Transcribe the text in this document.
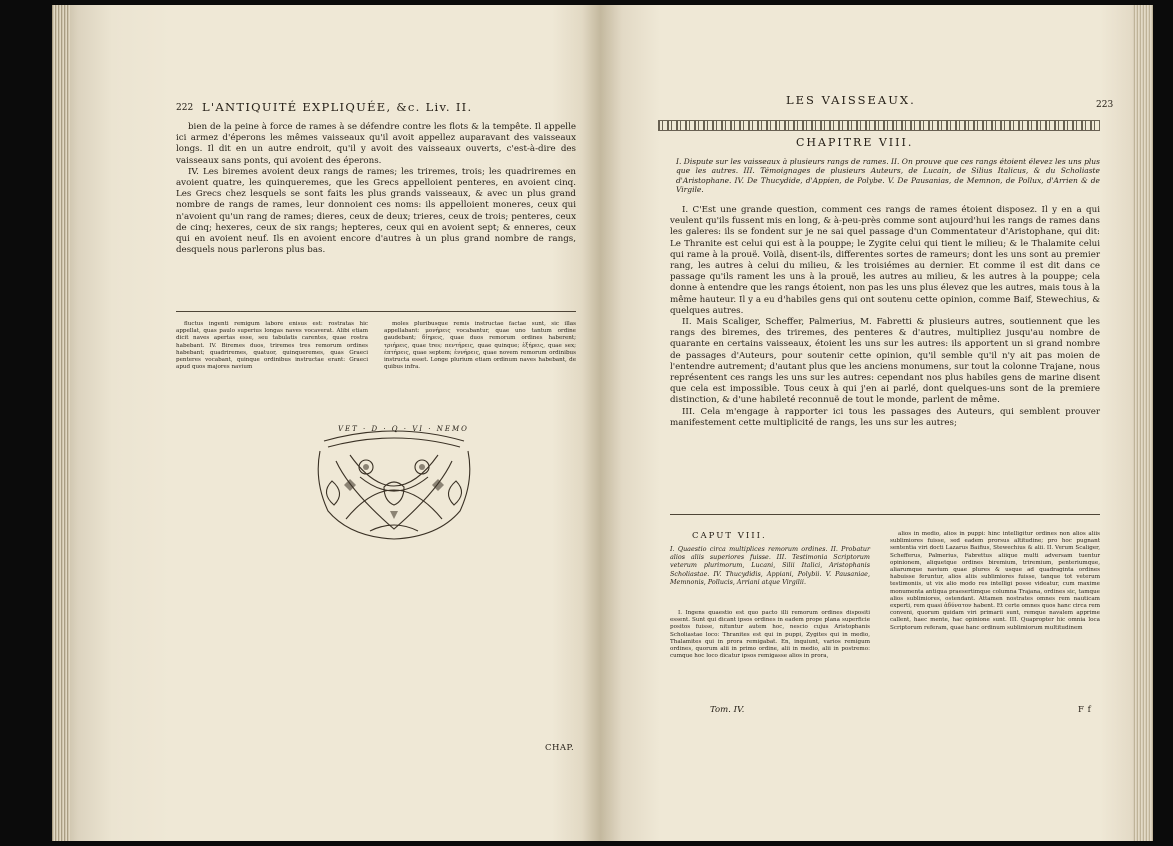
222 L'ANTIQUITÉ EXPLIQUÉE, &c. Liv. II.

bien de la peine à force de rames à se défendre contre les flots & la tempête. Il appelle ici armez d'éperons les mêmes vaisseaux qu'il avoit appellez auparavant des vaisseaux longs. Il dit en un autre endroit, qu'il y avoit des vaisseaux ouverts, c'est-à-dire des vaisseaux sans ponts, qui avoient des éperons.

IV. Les biremes avoient deux rangs de rames; les triremes, trois; les quadriremes en avoient quatre, les quinqueremes, que les Grecs appelloient penteres, en avoient cinq. Les Grecs chez lesquels se sont faits les plus grands vaisseaux, & avec un plus grand nombre de rangs de rames, leur donnoient ces noms: ils appelloient moneres, ceux qui n'avoient qu'un rang de rames; dieres, ceux de deux; trieres, ceux de trois; penteres, ceux de cinq; hexeres, ceux de six rangs; hepteres, ceux qui en avoient sept; & enneres, ceux qui en avoient neuf. Ils en avoient encore d'autres à un plus grand nombre de rangs, desquels nous parlerons plus bas.

fluctus ingenti remigum labore enisus est: rostratas hic appellat, quas paulo superius longas naves vocaverat. Alibi etiam dicit naves apertas esse, seu tabulatis carentes, quae rostra habebant. IV. Biremes duos, triremes tres remorum ordines habebant; quadriremes, quatuor, quinqueremes, quas Graeci penteres vocabant, quinque ordinibus instructae erant: Graeci apud quos majores navium

moles pluribusque remis instructae factae sunt, sic illas appellabant: μονήρεις vocabantur, quae uno tantum ordine gaudebant; δίηρεις, quae duos remorum ordines haberent; τριήρεις, quae tres; πεντήρεις, quae quinque; ἑξήρεις, quae sex; ἑπτήρεις, quae septem; ἐννήρεις, quae novem remorum ordinibus instructa esset. Longe plurium etiam ordinum naves habebant, de quibus infra.

VET · D · Q · VI · NEMO
CHAP.
LES VAISSEAUX.	223
CHAPITRE VIII.
I. Dispute sur les vaisseaux à plusieurs rangs de rames. II. On prouve que ces rangs étoient élevez les uns plus que les autres. III. Témoignages de plusieurs Auteurs, de Lucain, de Silius Italicus, & du Scholiaste d'Aristophane. IV. De Thucydide, d'Appien, de Polybe. V. De Pausanias, de Memnon, de Pollux, d'Arrien & de Virgile.

I. C'Est une grande question, comment ces rangs de rames étoient disposez. Il y en a qui veulent qu'ils fussent mis en long, & à-peu-près comme sont aujourd'hui les rangs de rames dans les galeres: ils se fondent sur je ne sai quel passage d'un Commentateur d'Aristophane, qui dit: Le Thranite est celui qui est à la pouppe; le Zygite celui qui tient le milieu; & le Thalamite celui qui rame à la prouë. Voilà, disent-ils, differentes sortes de rameurs; dont les uns sont au premier rang, les autres à celui du milieu, & les troisiémes au dernier. Et comme il est dit dans ce passage qu'ils rament les uns à la prouë, les autres au milieu, & les autres à la pouppe; cela donne à entendre que les rangs étoient, non pas les uns plus élevez que les autres, mais tous à la même hauteur. Il y a eu d'habiles gens qui ont soutenu cette opinion, comme Baif, Stewechius, & quelques autres.

II. Mais Scaliger, Scheffer, Palmerius, M. Fabretti & plusieurs autres, soutiennent que les rangs des biremes, des triremes, des penteres & d'autres, multipliez jusqu'au nombre de quarante en certains vaisseaux, étoient les uns sur les autres: ils apportent un si grand nombre de passages d'Auteurs, pour soutenir cette opinion, qu'il semble qu'il n'y ait pas moien de l'entendre autrement; d'autant plus que les anciens monumens, sur tout la colonne Trajane, nous représentent ces rangs les uns sur les autres: cependant nos plus habiles gens de marine disent que cela est impossible. Tous ceux à qui j'en ai parlé, dont quelques-uns sont de la premiere distinction, & d'une habileté reconnuë de tout le monde, parlent de même.

III. Cela m'engage à rapporter ici tous les passages des Auteurs, qui semblent prouver manifestement cette multiplicité de rangs, les uns sur les autres;

CAPUT VIII.
I. Quaestio circa multiplices remorum ordines. II. Probatur alios aliis superiores fuisse. III. Testimonia Scriptorum veterum plurimorum, Lucani, Silii Italici, Aristophanis Scholiastae. IV. Thucydidis, Appiani, Polybii. V. Pausaniae, Memnonis, Pollucis, Arriani atque Virgilii.

I. Ingens quaestio est quo pacto illi remorum ordines dispositi essent. Sunt qui dicant ipsos ordines in eadem prope plana superficie positos fuisse, nituntur autem hoc, nescio cujus Aristophanis Scholiastae loco: Thranites est qui in puppi, Zygites qui in medio, Thalamites qui in prora remigabat. En, inquiunt, varios remigum ordines, quorum alii in primo ordine, alii in medio, alii in postremo: cumque hoc loco dicatur ipsos remigasse alios in prora,

alios in medio, alios in puppi: hinc intelligitur ordines non alios aliis sublimiores fuisse, sed eadem prorsus altitudine; pro hoc pugnant sententia viri docti Lazarus Baifius, Stewechius & alii. II. Verum Scaliger, Schefferus, Palmerius, Fabrettus aliique multi adversam tuentur opinionem, aliquetque ordines biremium, triremium, penteriumque, aliarumque navium quae plures & usque ad quadraginta ordines habuisse feruntur, alios aliis sublimiores fuisse, tanque tot veterum testimoniis, ut vix alio modo res intelligi posse videatur, cum maxime monumenta antiqua praesertimque columna Trajana, ordines sic, tamque alios sublimiores, ostendant. Attamen nostrates omnes rem nauticam experti, rem quasi ἀδύνατον habent. Et certe omnes quos hanc circa rem conveni, quorum quidam viri primarii sunt, remque navalem apprime callent, haec mente, hac opinione sunt. III. Quapropter hic omnia loca Scriptorum referam, quae hanc ordinum sublimiorum multitudinem

Tom. IV.	F f
